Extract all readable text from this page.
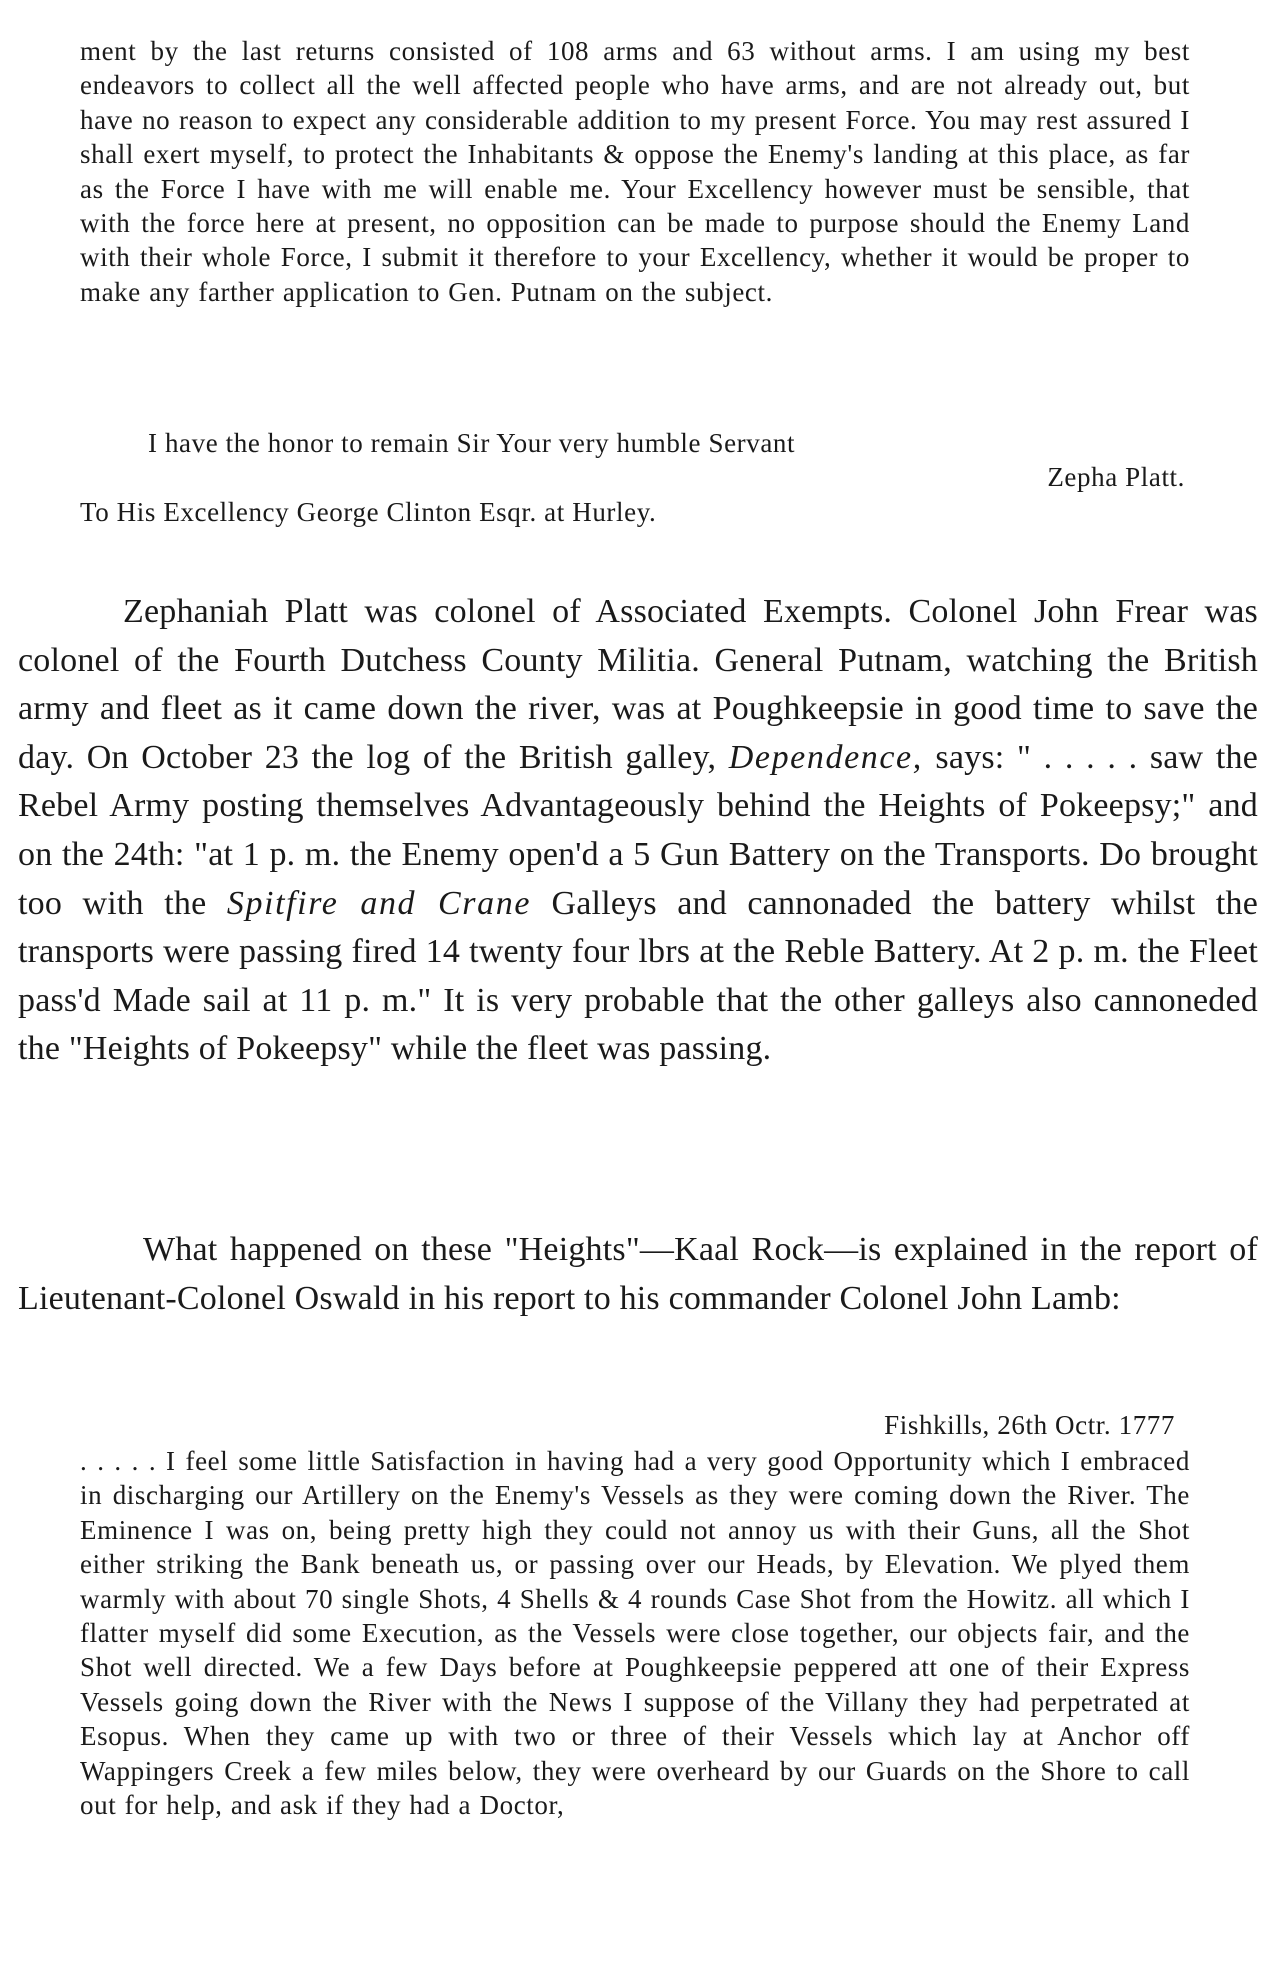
ment by the last returns consisted of 108 arms and 63 without arms. I am using my best endeavors to collect all the well affected people who have arms, and are not already out, but have no reason to expect any considerable addition to my present Force. You may rest assured I shall exert myself, to protect the Inhabitants & oppose the Enemy's landing at this place, as far as the Force I have with me will enable me. Your Excellency however must be sensible, that with the force here at present, no opposition can be made to purpose should the Enemy Land with their whole Force, I submit it therefore to your Excellency, whether it would be proper to make any farther application to Gen. Putnam on the subject.

I have the honor to remain Sir Your very humble Servant
Zepha Platt.
To His Excellency George Clinton Esqr. at Hurley.

Zephaniah Platt was colonel of Associated Exempts. Colonel John Frear was colonel of the Fourth Dutchess County Militia. General Putnam, watching the British army and fleet as it came down the river, was at Poughkeepsie in good time to save the day. On October 23 the log of the British galley, Dependence, says: " . . . . . saw the Rebel Army posting themselves Advantageously behind the Heights of Pokeepsy;" and on the 24th: "at 1 p. m. the Enemy open'd a 5 Gun Battery on the Transports. Do brought too with the Spitfire and Crane Galleys and cannonaded the battery whilst the transports were passing fired 14 twenty four lbrs at the Reble Battery. At 2 p. m. the Fleet pass'd Made sail at 11 p. m." It is very probable that the other galleys also cannoneded the "Heights of Pokeepsy" while the fleet was passing.

What happened on these "Heights"—Kaal Rock—is explained in the report of Lieutenant-Colonel Oswald in his report to his commander Colonel John Lamb:

Fishkills, 26th Octr. 1777

. . . . . I feel some little Satisfaction in having had a very good Opportunity which I embraced in discharging our Artillery on the Enemy's Vessels as they were coming down the River. The Eminence I was on, being pretty high they could not annoy us with their Guns, all the Shot either striking the Bank beneath us, or passing over our Heads, by Elevation. We plyed them warmly with about 70 single Shots, 4 Shells & 4 rounds Case Shot from the Howitz. all which I flatter myself did some Execution, as the Vessels were close together, our objects fair, and the Shot well directed. We a few Days before at Poughkeepsie peppered att one of their Express Vessels going down the River with the News I suppose of the Villany they had perpetrated at Esopus. When they came up with two or three of their Vessels which lay at Anchor off Wappingers Creek a few miles below, they were overheard by our Guards on the Shore to call out for help, and ask if they had a Doctor,
